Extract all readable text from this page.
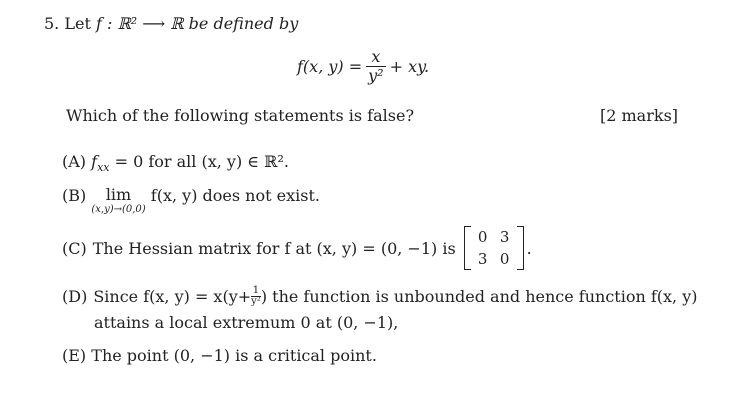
5. Let f : ℝ² ⟶ ℝ be defined by
f(x, $y) = \frac{x}{\text{y²}}$ + xy.
Which of the following statements is false?	[2 marks]
(A) $f_{xx} = 0$ for all (x, y) ∈ ℝ².
(B)	lim
(x,y)→(0,0)
f(x, y) does not exist.
(C) The Hessian matrix for f at (x, y) = (0, −1) is
0 3
3 0
.
(D) Since f(x, $y) = x(y+ \frac{1}{\text{y²}}$ ) the function is unbounded and hence function f(x, y)
attains a local extremum 0 at (0, −1),
(E) The point (0, −1) is a critical point.
